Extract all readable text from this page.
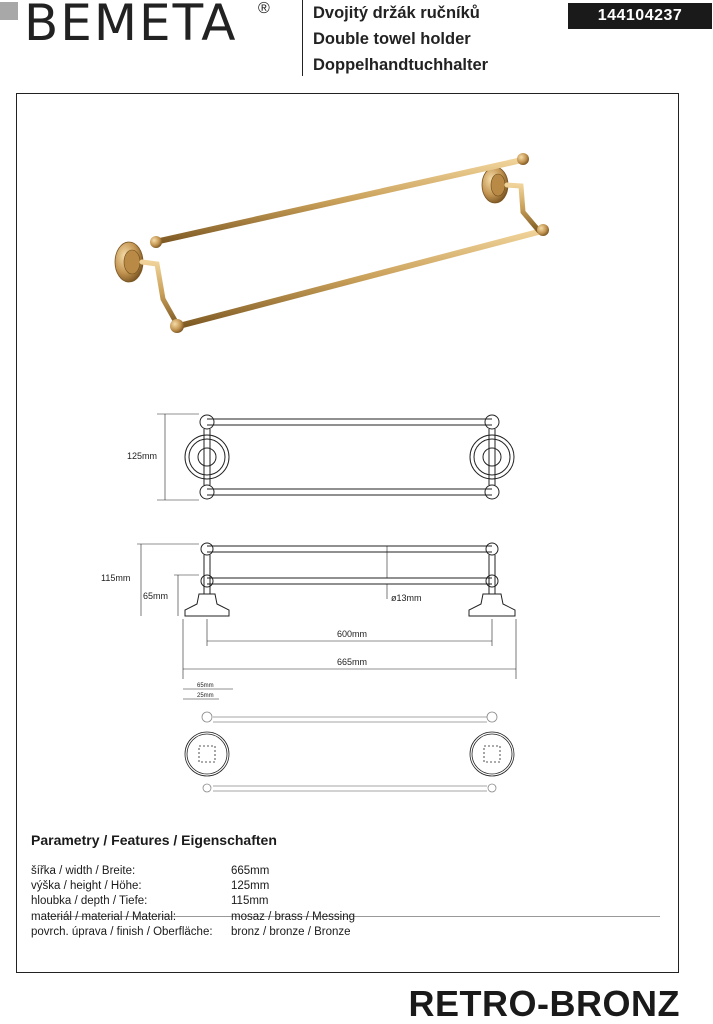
BEMETA ®	Dvojitý držák ručníků
Double towel holder
Doppelhandtuchhalter
144104237
125mm
115mm
65mm	ø13mm
600mm
665mm
65mm
25mm
Parametry / Features / Eigenschaften
šířka / width / Breite:	665mm
výška / height / Höhe:	125mm
hloubka / depth / Tiefe:	115mm
materiál / material / Material:	mosaz / brass / Messing
povrch. úprava / finish / Oberfläche:	bronz / bronze / Bronze
RETRO-BRONZ
